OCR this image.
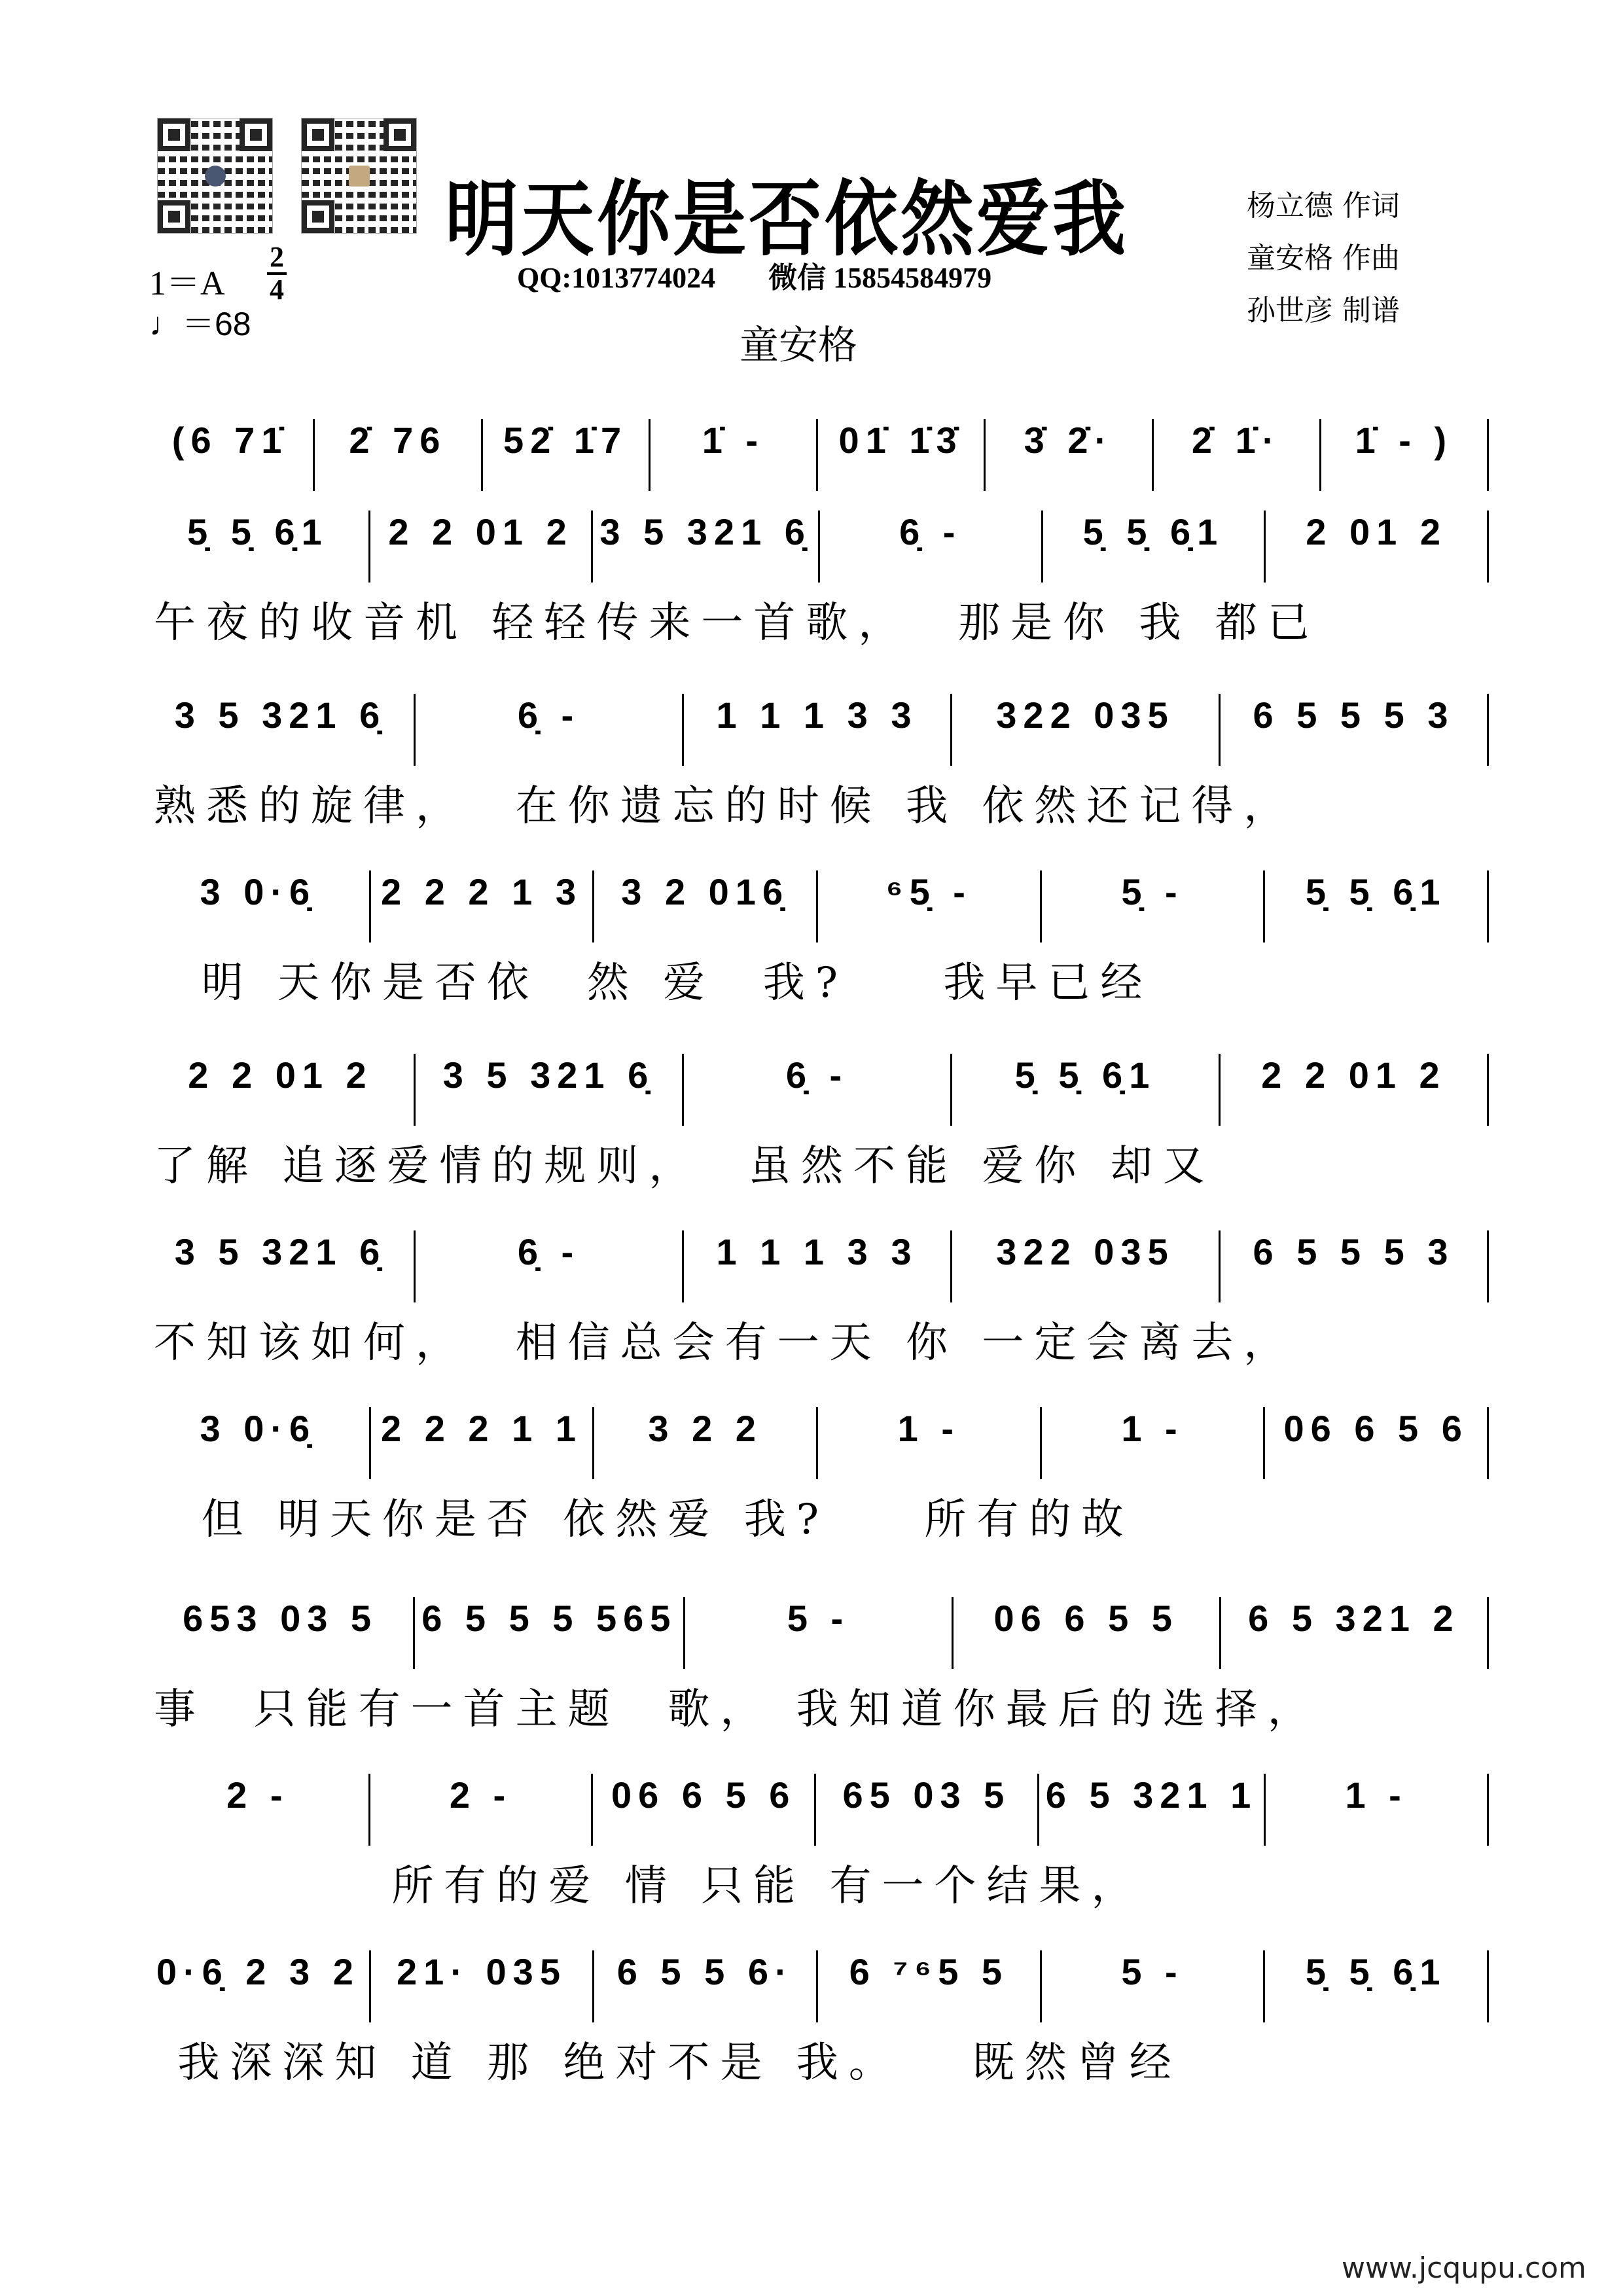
明天你是否依然爱我	杨立德 作词
童安格 作曲
孙世彦 制谱
1＝A
2
4
♩＝68
QQ:1013774024 微信 15854584979
童安格
(6 71̇ 2̇ 76 52̇ 1̇7 1̇ - 01̇ 1̇3̇ 3̇ 2̇· 2̇ 1̇· 1̇ - )
5̣ 5̣ 6̣1 2 2 01 2 3 5 321 6̣ 6̣ -	5̣ 5̣ 6̣1 2 01 2
午夜的收音机 轻轻传来一首歌，  那是你 我 都已
3 5 321 6̣	6̣ -	1 1 1 3 3 322 035 6 5 5 5 3
熟悉的旋律，  在你遗忘的时候 我 依然还记得，
3 0·6̣ 2 2 2 1 3 3 2 016̣	⁶5̣ -	5̣ -	5̣ 5̣ 6̣1
明 天你是否依  然 爱  我?    我早已经
2 2 01 2 3 5 321 6̣	6̣ -	5̣ 5̣ 6̣1	2 2 01 2
了解 追逐爱情的规则，  虽然不能 爱你 却又
3 5 321 6̣	6̣ -	1 1 1 3 3 322 035 6 5 5 5 3
不知该如何，  相信总会有一天 你 一定会离去，
3 0·6̣ 2 2 2 1 1 3 2 2	1 -	1 -	06 6 5 6
但 明天你是否 依然爱 我?    所有的故
653 03 5 6 5 5 5 565	5 -	06 6 5 5 6 5 321 2
事  只能有一首主题  歌， 我知道你最后的选择，
2 -	2 -	06 6 5 6 65 03 5 6 5 321 1 1 -
所有的爱 情 只能 有一个结果，
0·6̣ 2 3 2 21· 035 6 5 5 6· 6 ⁷⁶5 5	5 -	5̣ 5̣ 6̣1
我深深知 道 那 绝对不是 我。   既然曾经
www.jcqupu.com
